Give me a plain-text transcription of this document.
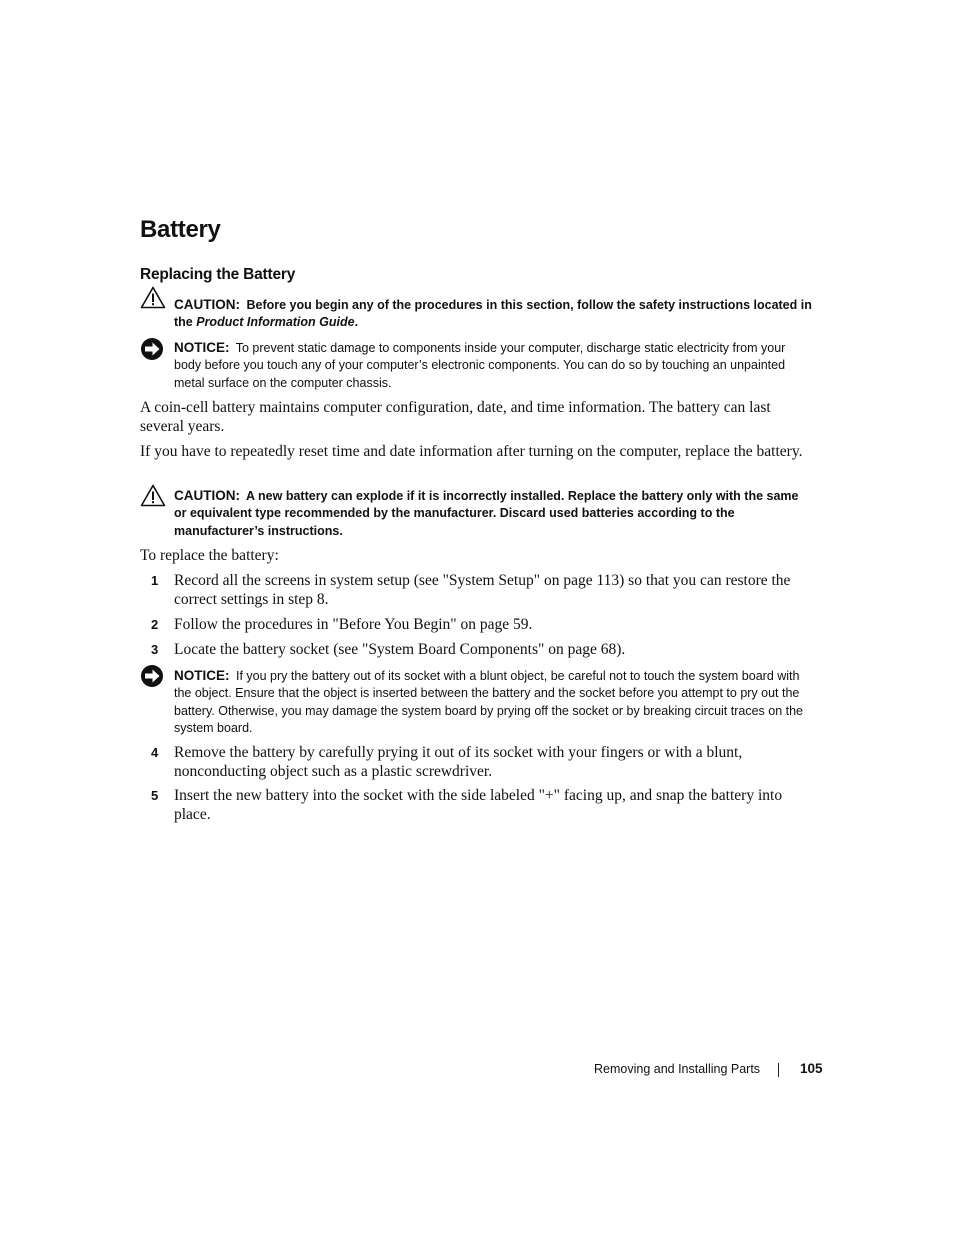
Battery
Replacing the Battery
CAUTION: Before you begin any of the procedures in this section, follow the safety instructions located in the Product Information Guide.
NOTICE: To prevent static damage to components inside your computer, discharge static electricity from your body before you touch any of your computer’s electronic components. You can do so by touching an unpainted metal surface on the computer chassis.
A coin-cell battery maintains computer configuration, date, and time information. The battery can last several years.
If you have to repeatedly reset time and date information after turning on the computer, replace the battery.
CAUTION: A new battery can explode if it is incorrectly installed. Replace the battery only with the same or equivalent type recommended by the manufacturer. Discard used batteries according to the manufacturer’s instructions.
To replace the battery:
1 Record all the screens in system setup (see "System Setup" on page 113) so that you can restore the correct settings in step 8.
2 Follow the procedures in "Before You Begin" on page 59.
3 Locate the battery socket (see "System Board Components" on page 68).
NOTICE: If you pry the battery out of its socket with a blunt object, be careful not to touch the system board with the object. Ensure that the object is inserted between the battery and the socket before you attempt to pry out the battery. Otherwise, you may damage the system board by prying off the socket or by breaking circuit traces on the system board.
4 Remove the battery by carefully prying it out of its socket with your fingers or with a blunt, nonconducting object such as a plastic screwdriver.
5 Insert the new battery into the socket with the side labeled "+" facing up, and snap the battery into place.
Removing and Installing Parts	105
